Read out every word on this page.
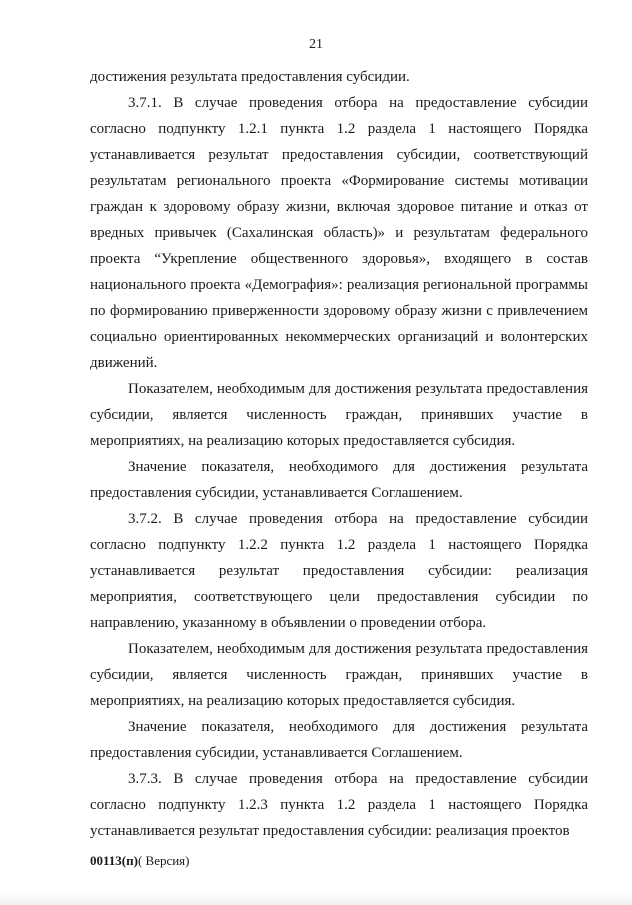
21

достижения результата предоставления субсидии.

3.7.1. В случае проведения отбора на предоставление субсидии согласно подпункту 1.2.1 пункта 1.2 раздела 1 настоящего Порядка устанавливается результат предоставления субсидии, соответствующий результатам регионального проекта «Формирование системы мотивации граждан к здоровому образу жизни, включая здоровое питание и отказ от вредных привычек (Сахалинская область)» и результатам федерального проекта “Укрепление общественного здоровья», входящего в состав национального проекта «Демография»: реализация региональной программы по формированию приверженности здоровому образу жизни с привлечением социально ориентированных некоммерческих организаций и волонтерских движений.

Показателем, необходимым для достижения результата предоставления субсидии, является численность граждан, принявших участие в мероприятиях, на реализацию которых предоставляется субсидия.

Значение показателя, необходимого для достижения результата предоставления субсидии, устанавливается Соглашением.

3.7.2. В случае проведения отбора на предоставление субсидии согласно подпункту 1.2.2 пункта 1.2 раздела 1 настоящего Порядка устанавливается результат предоставления субсидии: реализация мероприятия, соответствующего цели предоставления субсидии по направлению, указанному в объявлении о проведении отбора.

Показателем, необходимым для достижения результата предоставления субсидии, является численность граждан, принявших участие в мероприятиях, на реализацию которых предоставляется субсидия.

Значение показателя, необходимого для достижения результата предоставления субсидии, устанавливается Соглашением.

3.7.3. В случае проведения отбора на предоставление субсидии согласно подпункту 1.2.3 пункта 1.2 раздела 1 настоящего Порядка устанавливается результат предоставления субсидии: реализация проектов

00113(п)( Версия)
